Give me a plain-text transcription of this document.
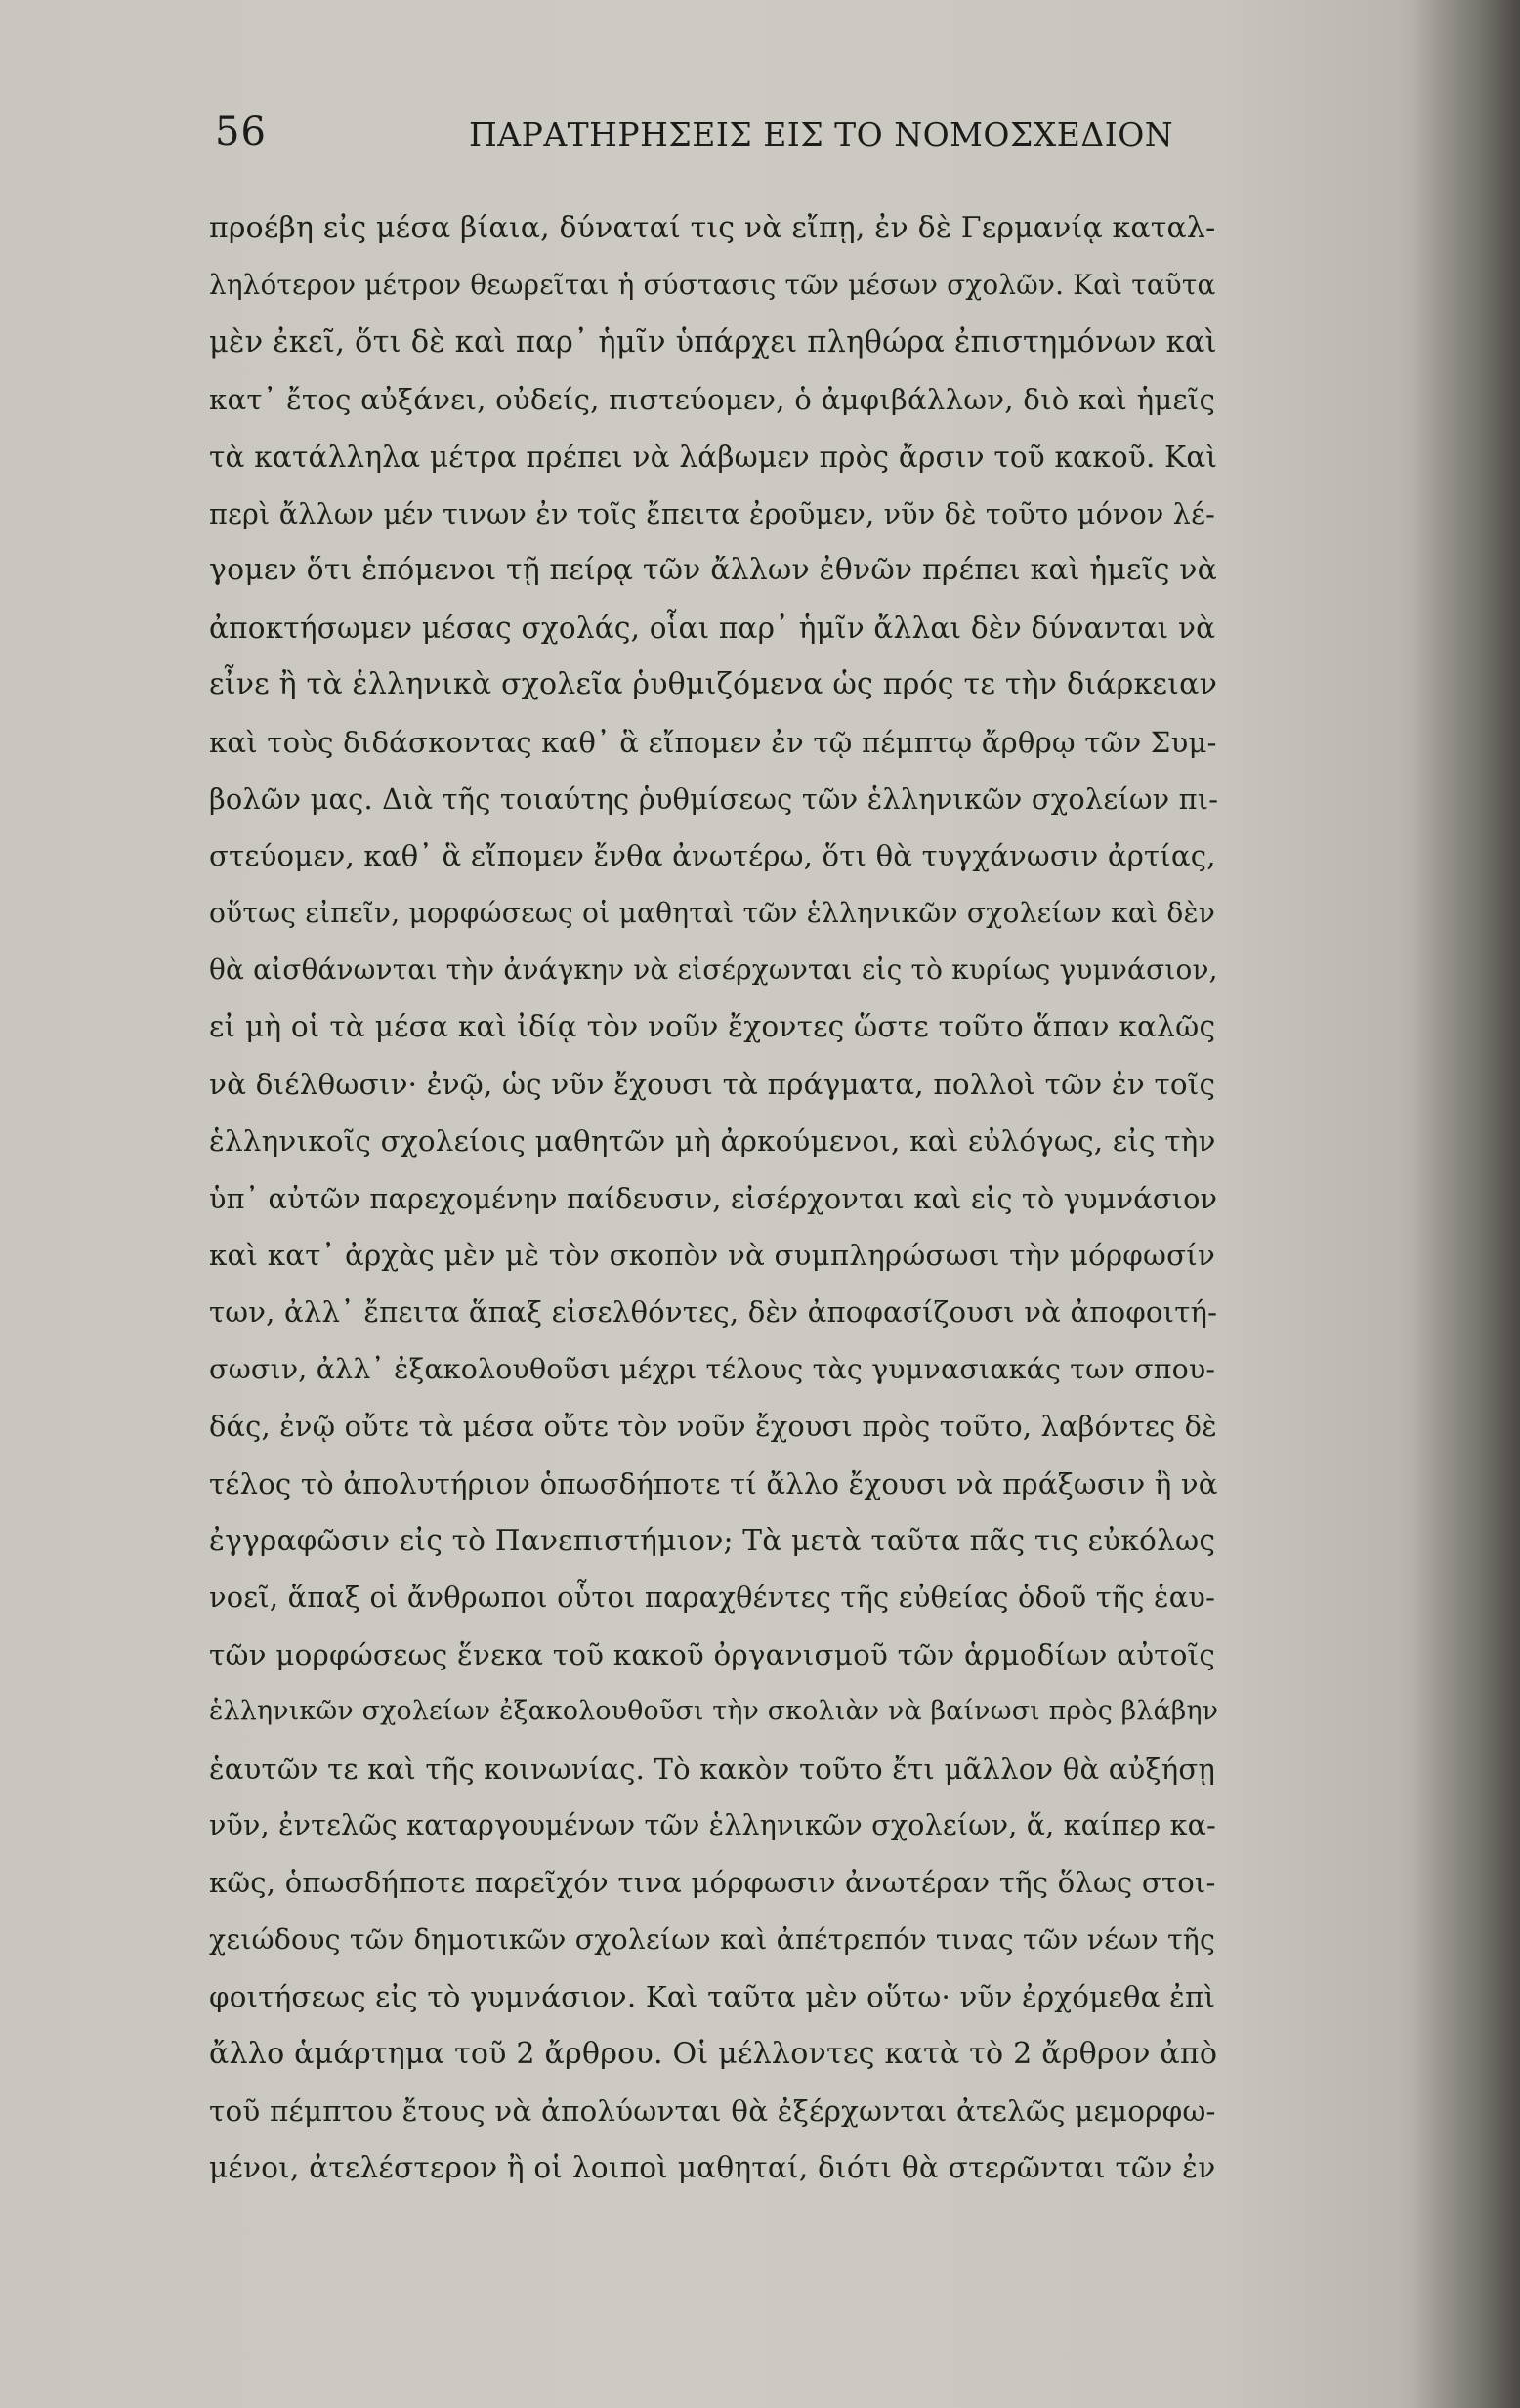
56	ΠΑΡΑΤΗΡΗΣΕΙΣ ΕΙΣ ΤΟ ΝΟΜΟΣΧΕΔΙΟΝ
προέβη εἰς μέσα βίαια, δύναταί τις νὰ εἴπῃ, ἐν δὲ Γερμανίᾳ καταλ-
ληλότερον μέτρον θεωρεῖται ἡ σύστασις τῶν μέσων σχολῶν. Καὶ ταῦτα
μὲν ἐκεῖ, ὅτι δὲ καὶ παρ᾽ ἡμῖν ὑπάρχει πληθώρα ἐπιστημόνων καὶ
κατ᾽ ἔτος αὐξάνει, οὐδείς, πιστεύομεν, ὁ ἀμφιβάλλων, διὸ καὶ ἡμεῖς
τὰ κατάλληλα μέτρα πρέπει νὰ λάβωμεν πρὸς ἄρσιν τοῦ κακοῦ. Καὶ
περὶ ἄλλων μέν τινων ἐν τοῖς ἔπειτα ἐροῦμεν, νῦν δὲ τοῦτο μόνον λέ-
γομεν ὅτι ἑπόμενοι τῇ πείρᾳ τῶν ἄλλων ἐθνῶν πρέπει καὶ ἡμεῖς νὰ
ἀποκτήσωμεν μέσας σχολάς, οἷαι παρ᾽ ἡμῖν ἄλλαι δὲν δύνανται νὰ
εἶνε ἢ τὰ ἑλληνικὰ σχολεῖα ῥυθμιζόμενα ὡς πρός τε τὴν διάρκειαν
καὶ τοὺς διδάσκοντας καθ᾽ ἃ εἴπομεν ἐν τῷ πέμπτῳ ἄρθρῳ τῶν Συμ-
βολῶν μας. Διὰ τῆς τοιαύτης ῥυθμίσεως τῶν ἑλληνικῶν σχολείων πι-
στεύομεν, καθ᾽ ἃ εἴπομεν ἔνθα ἀνωτέρω, ὅτι θὰ τυγχάνωσιν ἀρτίας,
οὕτως εἰπεῖν, μορφώσεως οἱ μαθηταὶ τῶν ἑλληνικῶν σχολείων καὶ δὲν
θὰ αἰσθάνωνται τὴν ἀνάγκην νὰ εἰσέρχωνται εἰς τὸ κυρίως γυμνάσιον,
εἰ μὴ οἱ τὰ μέσα καὶ ἰδίᾳ τὸν νοῦν ἔχοντες ὥστε τοῦτο ἅπαν καλῶς
νὰ διέλθωσιν· ἐνῷ, ὡς νῦν ἔχουσι τὰ πράγματα, πολλοὶ τῶν ἐν τοῖς
ἑλληνικοῖς σχολείοις μαθητῶν μὴ ἀρκούμενοι, καὶ εὐλόγως, εἰς τὴν
ὑπ᾽ αὐτῶν παρεχομένην παίδευσιν, εἰσέρχονται καὶ εἰς τὸ γυμνάσιον
καὶ κατ᾽ ἀρχὰς μὲν μὲ τὸν σκοπὸν νὰ συμπληρώσωσι τὴν μόρφωσίν
των, ἀλλ᾽ ἔπειτα ἅπαξ εἰσελθόντες, δὲν ἀποφασίζουσι νὰ ἀποφοιτή-
σωσιν, ἀλλ᾽ ἐξακολουθοῦσι μέχρι τέλους τὰς γυμνασιακάς των σπου-
δάς, ἐνῷ οὔτε τὰ μέσα οὔτε τὸν νοῦν ἔχουσι πρὸς τοῦτο, λαβόντες δὲ
τέλος τὸ ἀπολυτήριον ὁπωσδήποτε τί ἄλλο ἔχουσι νὰ πράξωσιν ἢ νὰ
ἐγγραφῶσιν εἰς τὸ Πανεπιστήμιον; Τὰ μετὰ ταῦτα πᾶς τις εὐκόλως
νοεῖ, ἅπαξ οἱ ἄνθρωποι οὗτοι παραχθέντες τῆς εὐθείας ὁδοῦ τῆς ἑαυ-
τῶν μορφώσεως ἕνεκα τοῦ κακοῦ ὀργανισμοῦ τῶν ἁρμοδίων αὐτοῖς
ἑλληνικῶν σχολείων ἐξακολουθοῦσι τὴν σκολιὰν νὰ βαίνωσι πρὸς βλάβην
ἑαυτῶν τε καὶ τῆς κοινωνίας. Τὸ κακὸν τοῦτο ἔτι μᾶλλον θὰ αὐξήσῃ
νῦν, ἐντελῶς καταργουμένων τῶν ἑλληνικῶν σχολείων, ἅ, καίπερ κα-
κῶς, ὁπωσδήποτε παρεῖχόν τινα μόρφωσιν ἀνωτέραν τῆς ὅλως στοι-
χειώδους τῶν δημοτικῶν σχολείων καὶ ἀπέτρεπόν τινας τῶν νέων τῆς
φοιτήσεως εἰς τὸ γυμνάσιον. Καὶ ταῦτα μὲν οὕτω· νῦν ἐρχόμεθα ἐπὶ
ἄλλο ἁμάρτημα τοῦ 2 ἄρθρου. Οἱ μέλλοντες κατὰ τὸ 2 ἄρθρον ἀπὸ
τοῦ πέμπτου ἔτους νὰ ἀπολύωνται θὰ ἐξέρχωνται ἀτελῶς μεμορφω-
μένοι, ἀτελέστερον ἢ οἱ λοιποὶ μαθηταί, διότι θὰ στερῶνται τῶν ἐν
